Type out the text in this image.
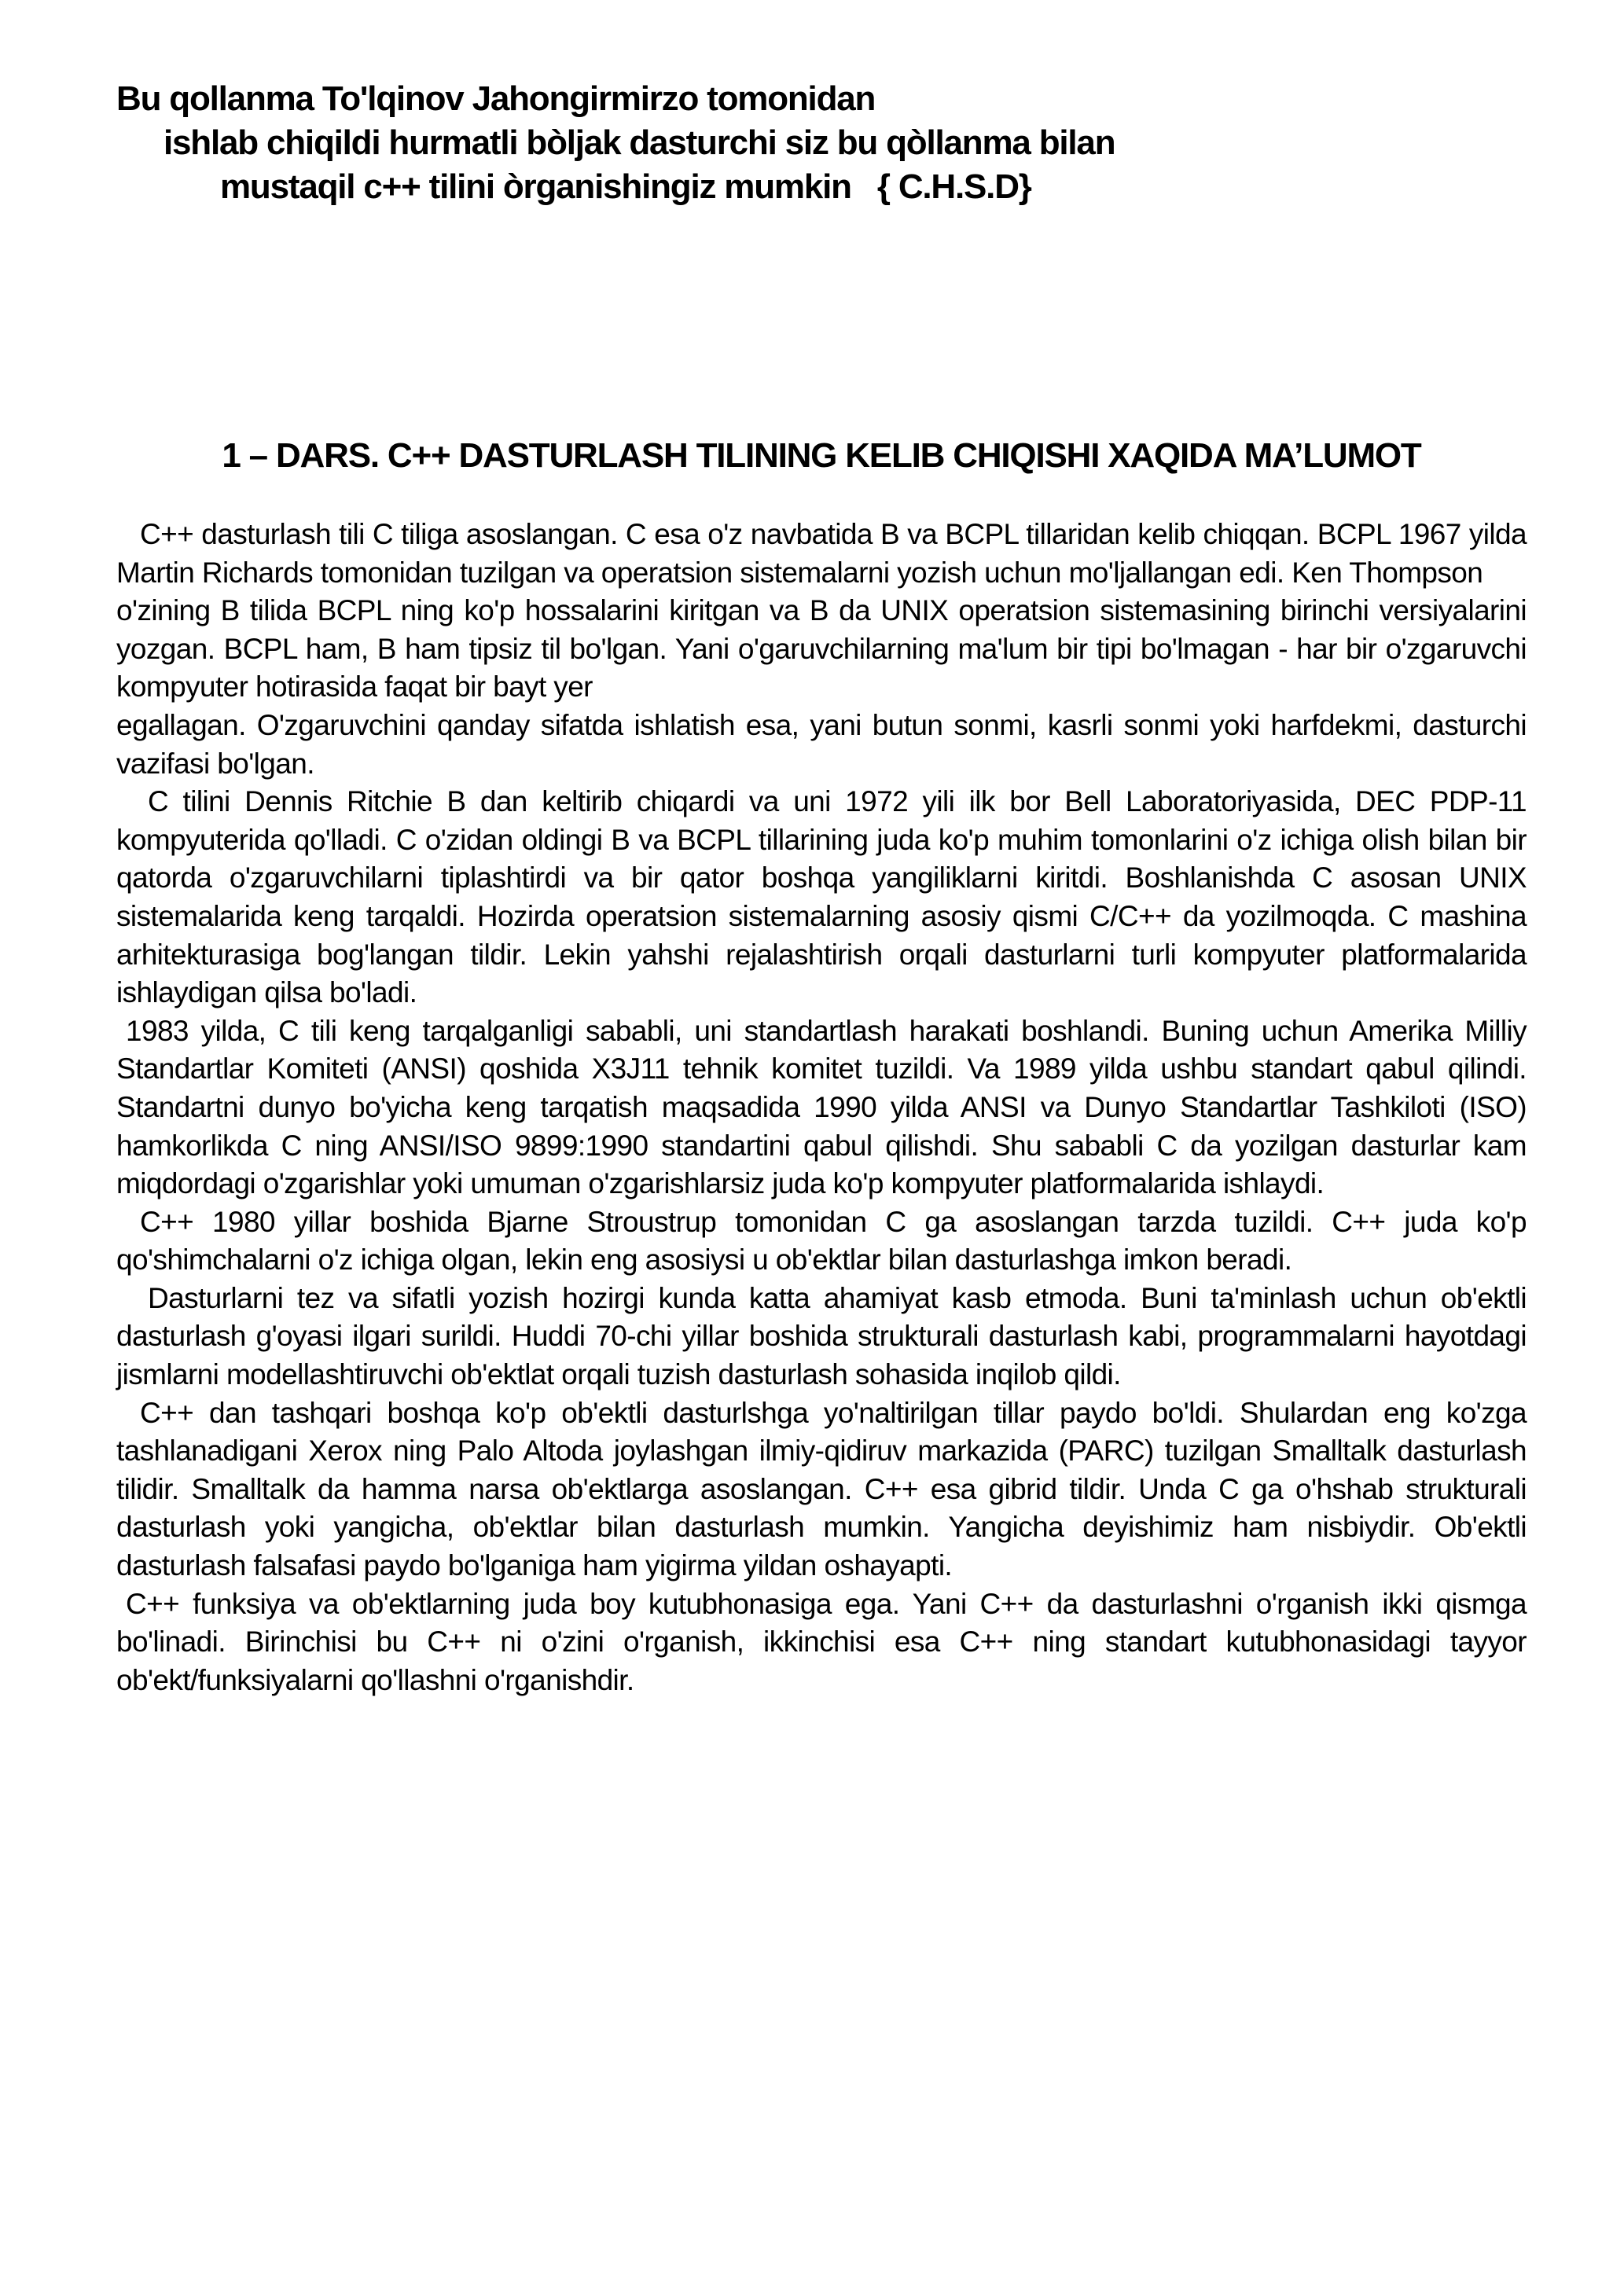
Bu qollanma To'lqinov Jahongirmirzo tomonidan
ishlab chiqildi hurmatli bòljak dasturchi siz bu qòllanma bilan
mustaqil c++ tilini òrganishingiz mumkin   { C.H.S.D}
1 – DARS. C++ DASTURLASH TILINING KELIB CHIQISHI XAQIDA MA’LUMOT
C++ dasturlash tili C tiliga asoslangan. C esa o'z navbatida B va BCPL tillaridan kelib chiqqan. BCPL 1967 yilda Martin Richards tomonidan tuzilgan va operatsion sistemalarni yozish uchun mo'ljallangan edi. Ken Thompson
o'zining B tilida BCPL ning ko'p hossalarini kiritgan va B da UNIX operatsion sistemasining birinchi versiyalarini yozgan. BCPL ham, B ham tipsiz til bo'lgan. Yani o'garuvchilarning ma'lum bir tipi bo'lmagan - har bir o'zgaruvchi kompyuter hotirasida faqat bir bayt yer
egallagan. O'zgaruvchini qanday sifatda ishlatish esa, yani butun sonmi, kasrli sonmi yoki harfdekmi, dasturchi vazifasi bo'lgan.
C tilini Dennis Ritchie B dan keltirib chiqardi va uni 1972 yili ilk bor Bell Laboratoriyasida, DEC PDP-11 kompyuterida qo'lladi. C o'zidan oldingi B va BCPL tillarining juda ko'p muhim tomonlarini o'z ichiga olish bilan bir qatorda o'zgaruvchilarni tiplashtirdi va bir qator boshqa yangiliklarni kiritdi. Boshlanishda C asosan UNIX sistemalarida keng tarqaldi. Hozirda operatsion sistemalarning asosiy qismi C/C++ da yozilmoqda. C mashina arhitekturasiga bog'langan tildir. Lekin yahshi rejalashtirish orqali dasturlarni turli kompyuter platformalarida ishlaydigan qilsa bo'ladi.
1983 yilda, C tili keng tarqalganligi sababli, uni standartlash harakati boshlandi. Buning uchun Amerika Milliy Standartlar Komiteti (ANSI) qoshida X3J11 tehnik komitet tuzildi. Va 1989 yilda ushbu standart qabul qilindi. Standartni dunyo bo'yicha keng tarqatish maqsadida 1990 yilda ANSI va Dunyo Standartlar Tashkiloti (ISO) hamkorlikda C ning ANSI/ISO 9899:1990 standartini qabul qilishdi. Shu sababli C da yozilgan dasturlar kam miqdordagi o'zgarishlar yoki umuman o'zgarishlarsiz juda ko'p kompyuter platformalarida ishlaydi.
C++ 1980 yillar boshida Bjarne Stroustrup tomonidan C ga asoslangan tarzda tuzildi. C++ juda ko'p qo'shimchalarni o'z ichiga olgan, lekin eng asosiysi u ob'ektlar bilan dasturlashga imkon beradi.
Dasturlarni tez va sifatli yozish hozirgi kunda katta ahamiyat kasb etmoda. Buni ta'minlash uchun ob'ektli dasturlash g'oyasi ilgari surildi. Huddi 70-chi yillar boshida strukturali dasturlash kabi, programmalarni hayotdagi jismlarni modellashtiruvchi ob'ektlat orqali tuzish dasturlash sohasida inqilob qildi.
C++ dan tashqari boshqa ko'p ob'ektli dasturlshga yo'naltirilgan tillar paydo bo'ldi. Shulardan eng ko'zga tashlanadigani Xerox ning Palo Altoda joylashgan ilmiy-qidiruv markazida (PARC) tuzilgan Smalltalk dasturlash tilidir. Smalltalk da hamma narsa ob'ektlarga asoslangan. C++ esa gibrid tildir. Unda C ga o'hshab strukturali dasturlash yoki yangicha, ob'ektlar bilan dasturlash mumkin. Yangicha deyishimiz ham nisbiydir. Ob'ektli dasturlash falsafasi paydo bo'lganiga ham yigirma yildan oshayapti.
C++ funksiya va ob'ektlarning juda boy kutubhonasiga ega. Yani C++ da dasturlashni o'rganish ikki qismga bo'linadi. Birinchisi bu C++ ni o'zini o'rganish, ikkinchisi esa C++ ning standart kutubhonasidagi tayyor ob'ekt/funksiyalarni qo'llashni o'rganishdir.
